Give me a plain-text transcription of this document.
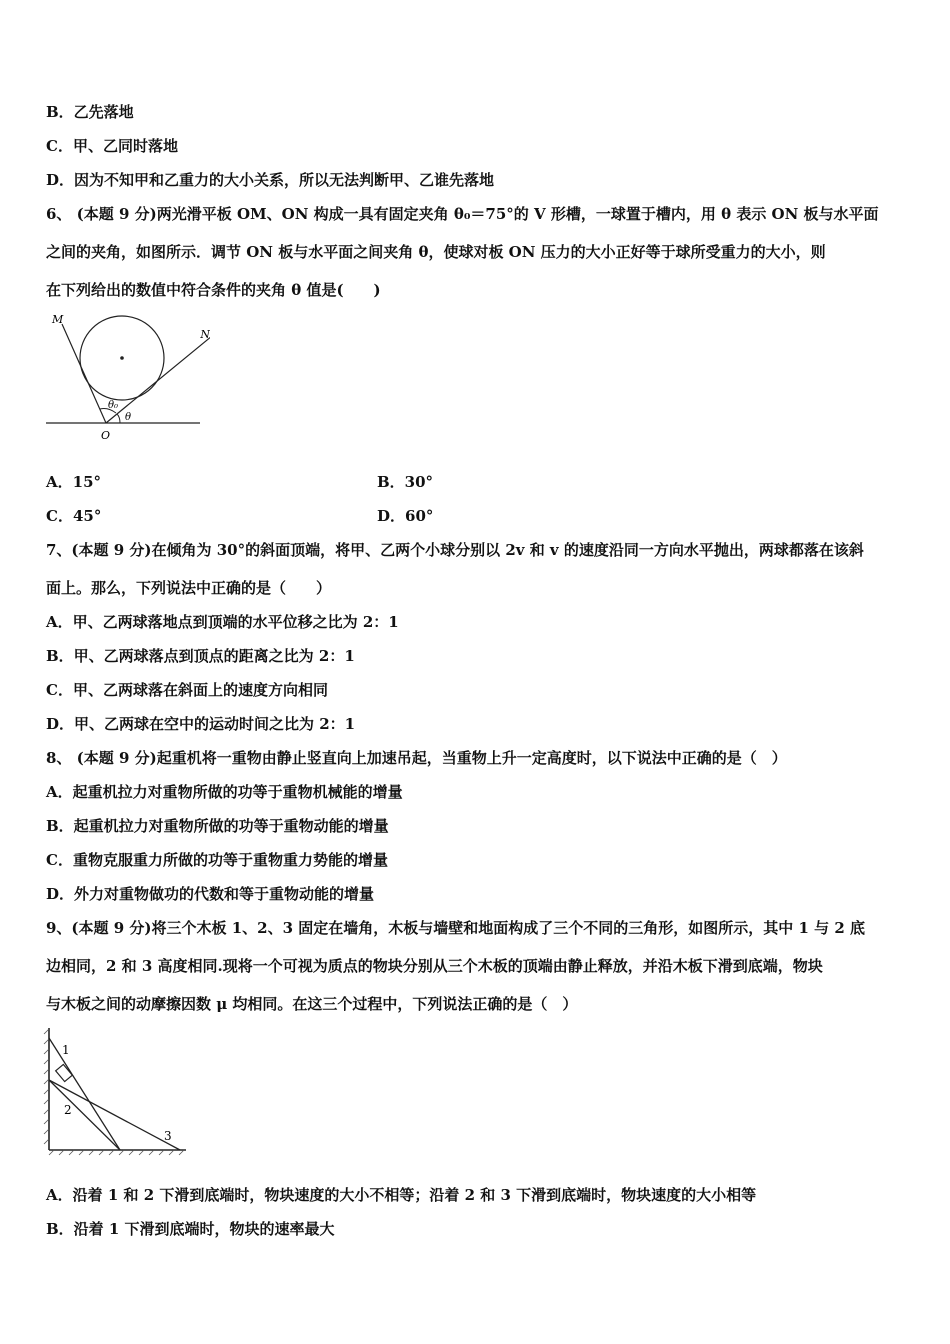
B．乙先落地
C．甲、乙同时落地
D．因为不知甲和乙重力的大小关系，所以无法判断甲、乙谁先落地
6、 (本题 9 分)两光滑平板 OM、ON 构成一具有固定夹角 θ₀＝75°的 V 形槽，一球置于槽内，用 θ 表示 ON 板与水平面
之间的夹角，如图所示．调节 ON 板与水平面之间夹角 θ，使球对板 ON 压力的大小正好等于球所受重力的大小，则
在下列给出的数值中符合条件的夹角 θ 值是(　　)
M
N
O
θ₀
θ
A．15°	B．30°
C．45°	D．60°
7、(本题 9 分)在倾角为 30°的斜面顶端，将甲、乙两个小球分别以 2v 和 v 的速度沿同一方向水平抛出，两球都落在该斜
面上。那么，下列说法中正确的是（　　）
A．甲、乙两球落地点到顶端的水平位移之比为 2：1
B．甲、乙两球落点到顶点的距离之比为 2：1
C．甲、乙两球落在斜面上的速度方向相同
D．甲、乙两球在空中的运动时间之比为 2：1
8、 (本题 9 分)起重机将一重物由静止竖直向上加速吊起，当重物上升一定高度时，以下说法中正确的是（　）
A．起重机拉力对重物所做的功等于重物机械能的增量
B．起重机拉力对重物所做的功等于重物动能的增量
C．重物克服重力所做的功等于重物重力势能的增量
D．外力对重物做功的代数和等于重物动能的增量
9、(本题 9 分)将三个木板 1、2、3 固定在墙角，木板与墙壁和地面构成了三个不同的三角形，如图所示，其中 1 与 2 底
边相同，2 和 3 高度相同.现将一个可视为质点的物块分别从三个木板的顶端由静止释放，并沿木板下滑到底端，物块
与木板之间的动摩擦因数 μ 均相同。在这三个过程中，下列说法正确的是（　）
1
2
3
A．沿着 1 和 2 下滑到底端时，物块速度的大小不相等；沿着 2 和 3 下滑到底端时，物块速度的大小相等
B．沿着 1 下滑到底端时，物块的速率最大
